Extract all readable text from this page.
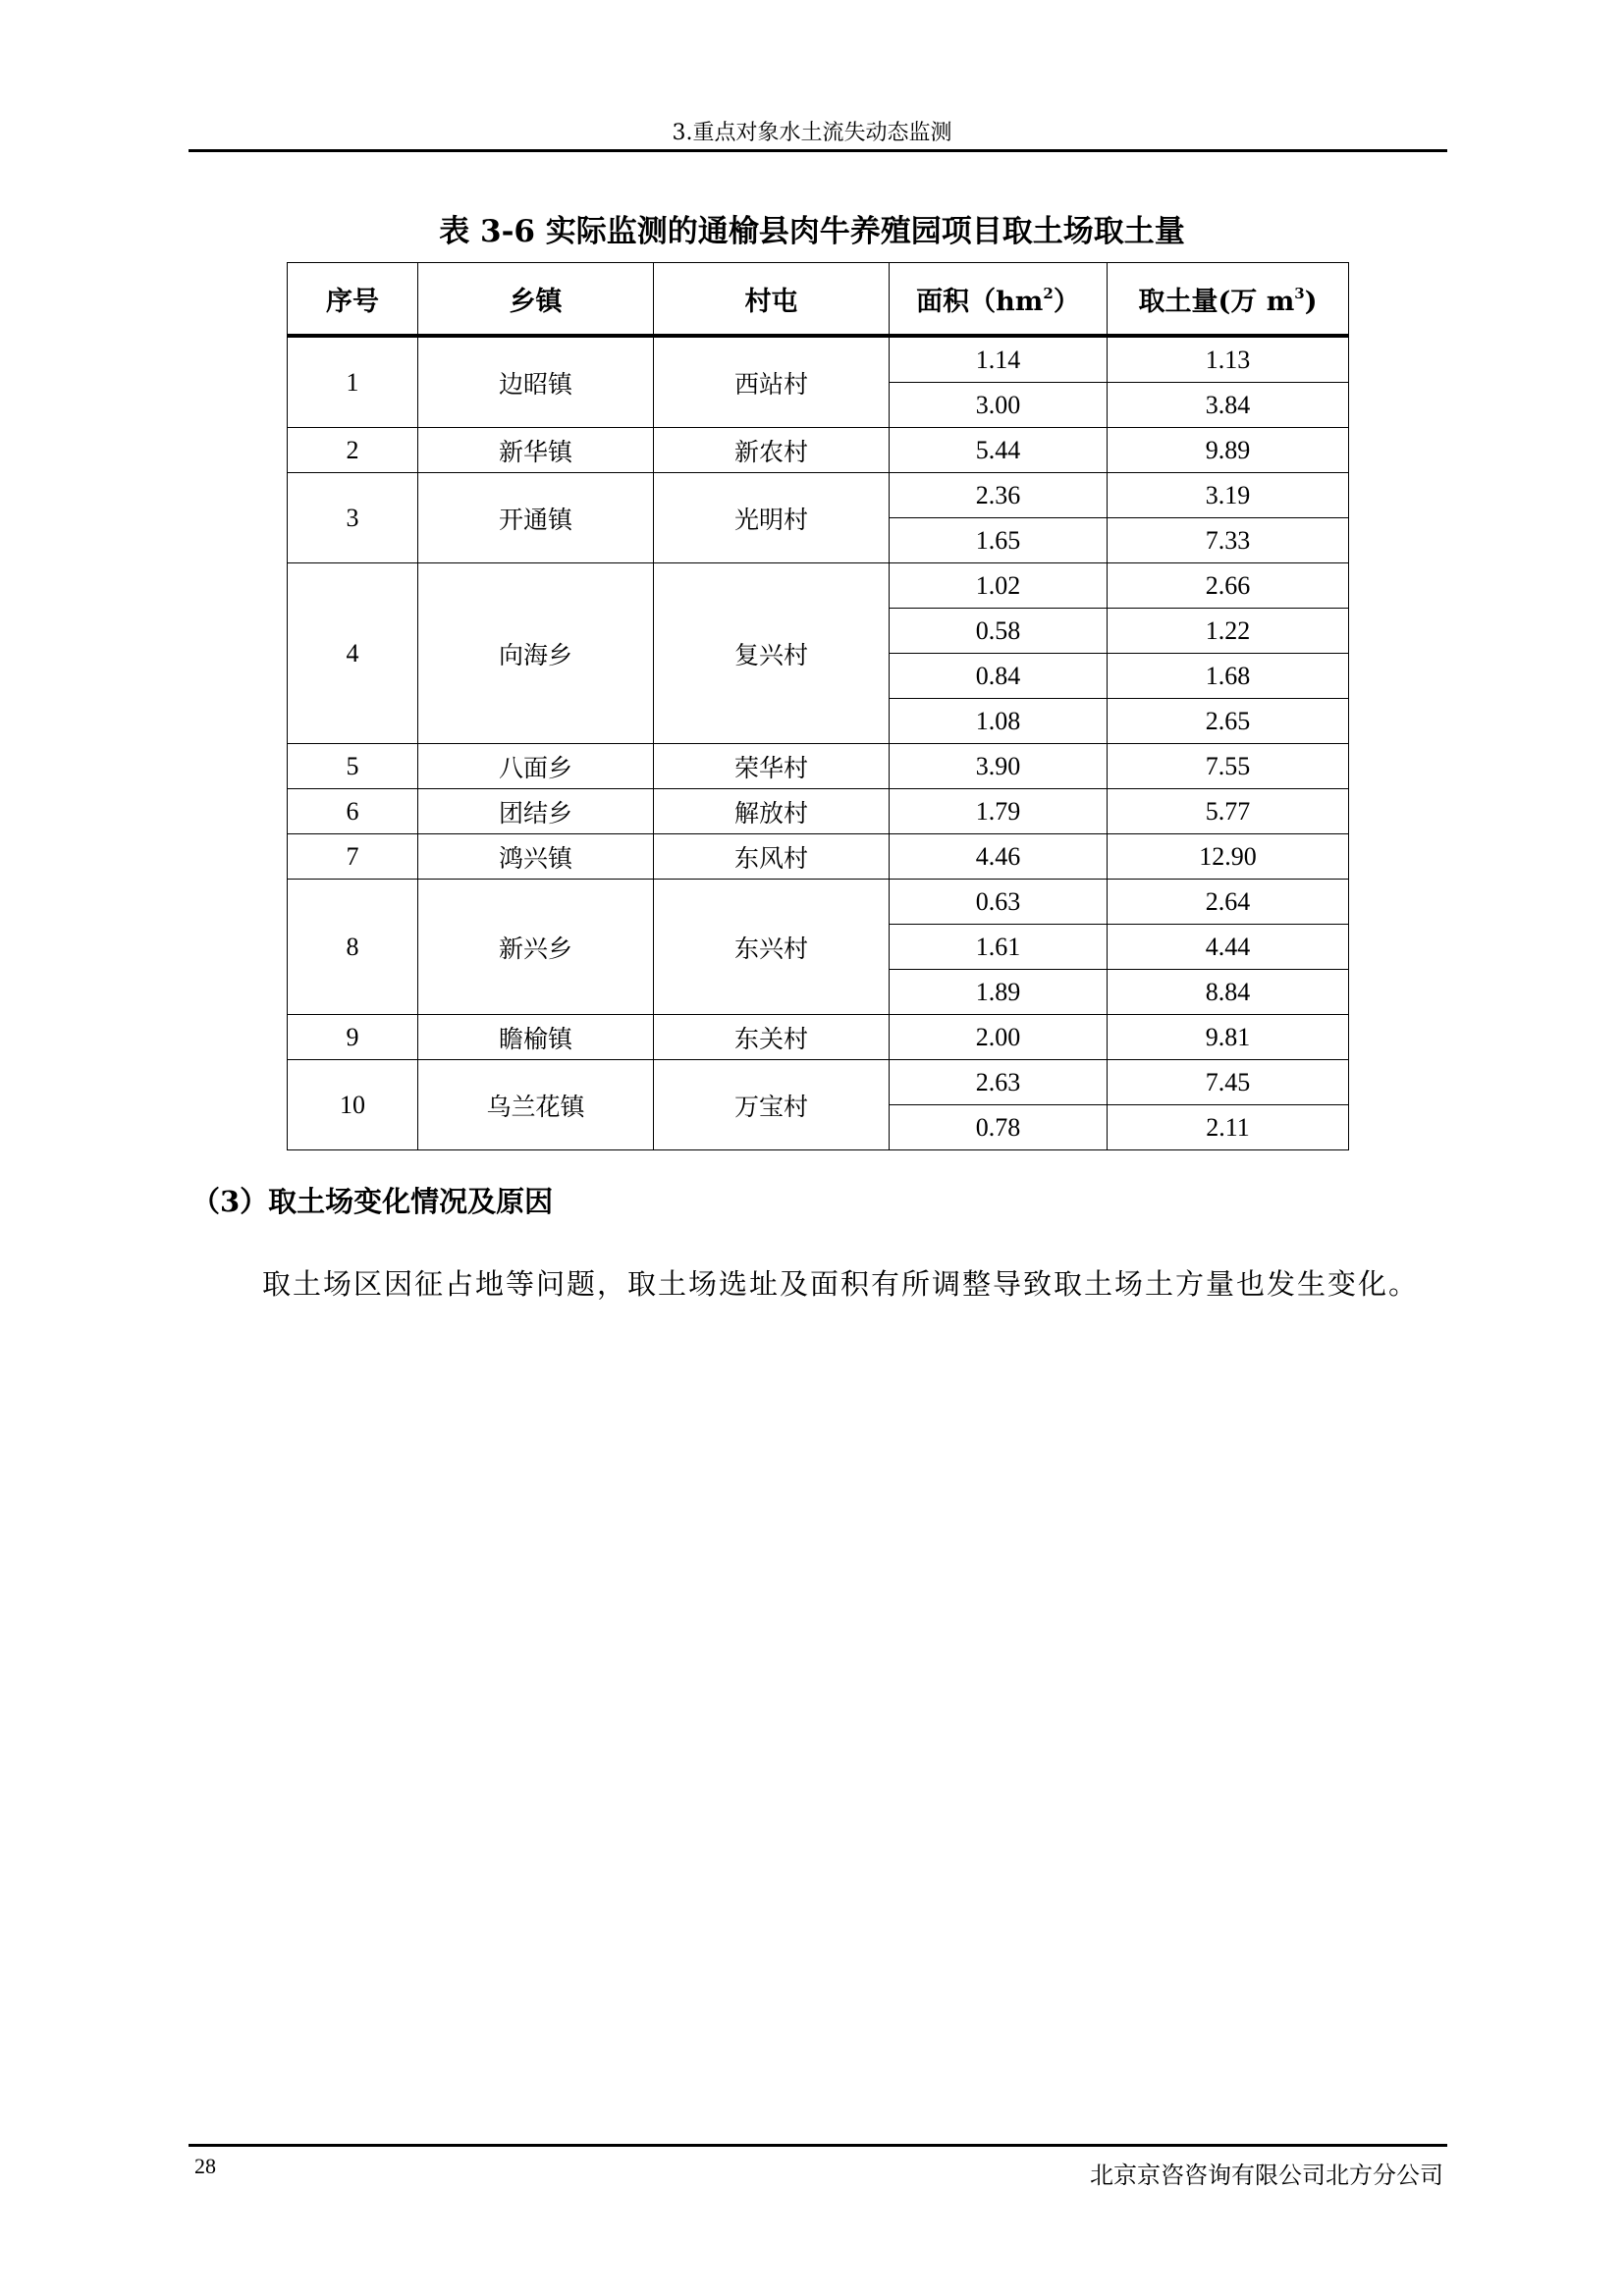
3.重点对象水土流失动态监测
表 3-6 实际监测的通榆县肉牛养殖园项目取土场取土量
序号	乡镇	村屯	面积$(hm^2)$	取土量(万 $m^3$)
1	边昭镇	西站村	1.14	1.13
			3.00	3.84
2	新华镇	新农村	5.44	9.89
3	开通镇	光明村	2.36	3.19
			1.65	7.33
4	向海乡	复兴村	1.02	2.66
			0.58	1.22
			0.84	1.68
			1.08	2.65
5	八面乡	荣华村	3.90	7.55
6	团结乡	解放村	1.79	5.77
7	鸿兴镇	东风村	4.46	12.90
8	新兴乡	东兴村	0.63	2.64
			1.61	4.44
			1.89	8.84
9	瞻榆镇	东关村	2.00	9.81
10	乌兰花镇	万宝村	2.63	7.45
			0.78	2.11
（3）取土场变化情况及原因
取土场区因征占地等问题，取土场选址及面积有所调整导致取土场土方量也发生变化。
28	北京京咨咨询有限公司北方分公司
